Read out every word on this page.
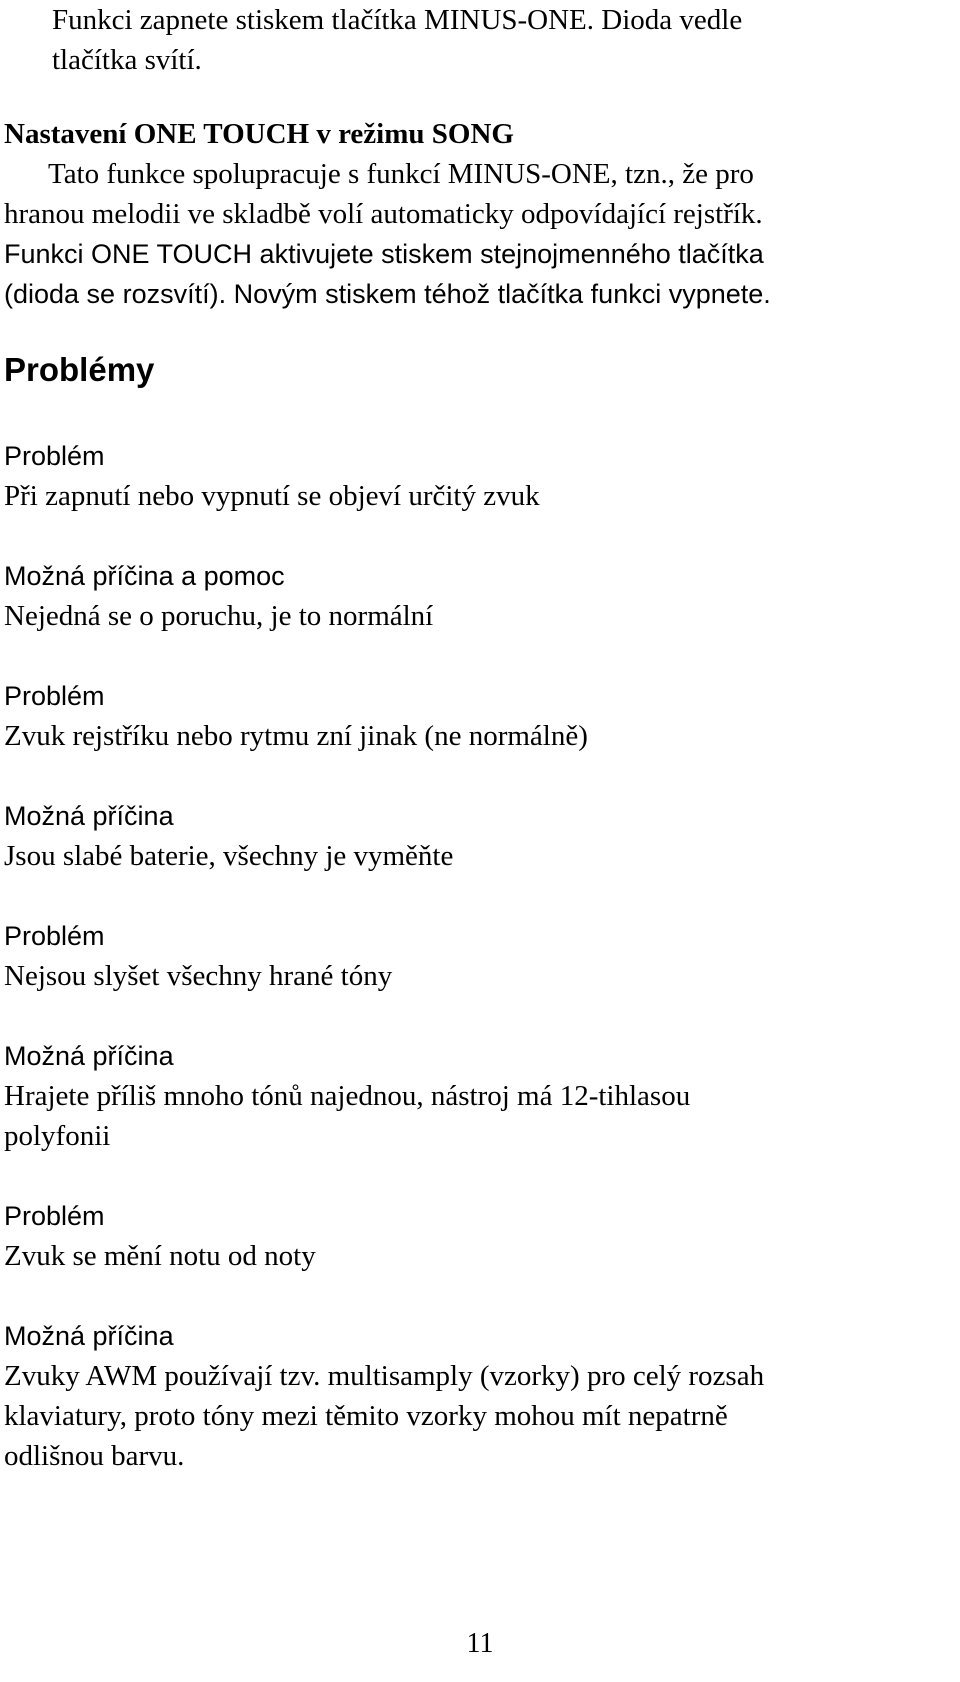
Funkci zapnete stiskem tlačítka MINUS-ONE. Dioda vedle
tlačítka svítí.
Nastavení ONE TOUCH v režimu SONG
Tato funkce spolupracuje s funkcí MINUS-ONE, tzn., že pro
hranou melodii ve skladbě volí automaticky odpovídající rejstřík.
Funkci ONE TOUCH aktivujete stiskem stejnojmenného tlačítka
(dioda se rozsvítí). Novým stiskem téhož tlačítka funkci vypnete.
Problémy
Problém
Při zapnutí nebo vypnutí se objeví určitý zvuk
Možná příčina a pomoc
Nejedná se o poruchu, je to normální
Problém
Zvuk rejstříku nebo rytmu zní jinak (ne normálně)
Možná příčina
Jsou slabé baterie, všechny je vyměňte
Problém
Nejsou slyšet všechny hrané tóny
Možná příčina
Hrajete příliš mnoho tónů najednou, nástroj má 12-tihlasou
polyfonii
Problém
Zvuk se mění notu od noty
Možná příčina
Zvuky AWM používají tzv. multisamply (vzorky) pro celý rozsah
klaviatury, proto tóny mezi těmito vzorky mohou mít nepatrně
odlišnou barvu.
11
